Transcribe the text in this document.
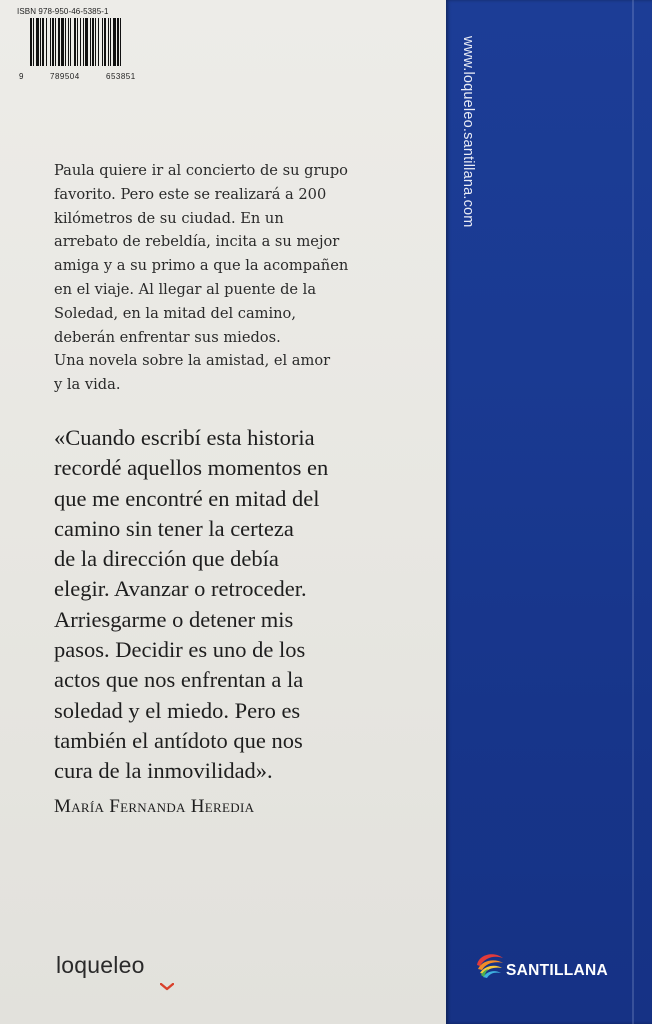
ISBN 978-950-46-5385-1
9	789504	653851
Paula quiere ir al concierto de su grupo
favorito. Pero este se realizará a 200
kilómetros de su ciudad. En un
arrebato de rebeldía, incita a su mejor
amiga y a su primo a que la acompañen
en el viaje. Al llegar al puente de la
Soledad, en la mitad del camino,
deberán enfrentar sus miedos.
Una novela sobre la amistad, el amor
y la vida.
«Cuando escribí esta historia
recordé aquellos momentos en
que me encontré en mitad del
camino sin tener la certeza
de la dirección que debía
elegir. Avanzar o retroceder.
Arriesgarme o detener mis
pasos. Decidir es uno de los
actos que nos enfrentan a la
soledad y el miedo. Pero es
también el antídoto que nos
cura de la inmovilidad».
María Fernanda Heredia
loqueleo
www.loqueleo.santillana.com
SANTILLANA
